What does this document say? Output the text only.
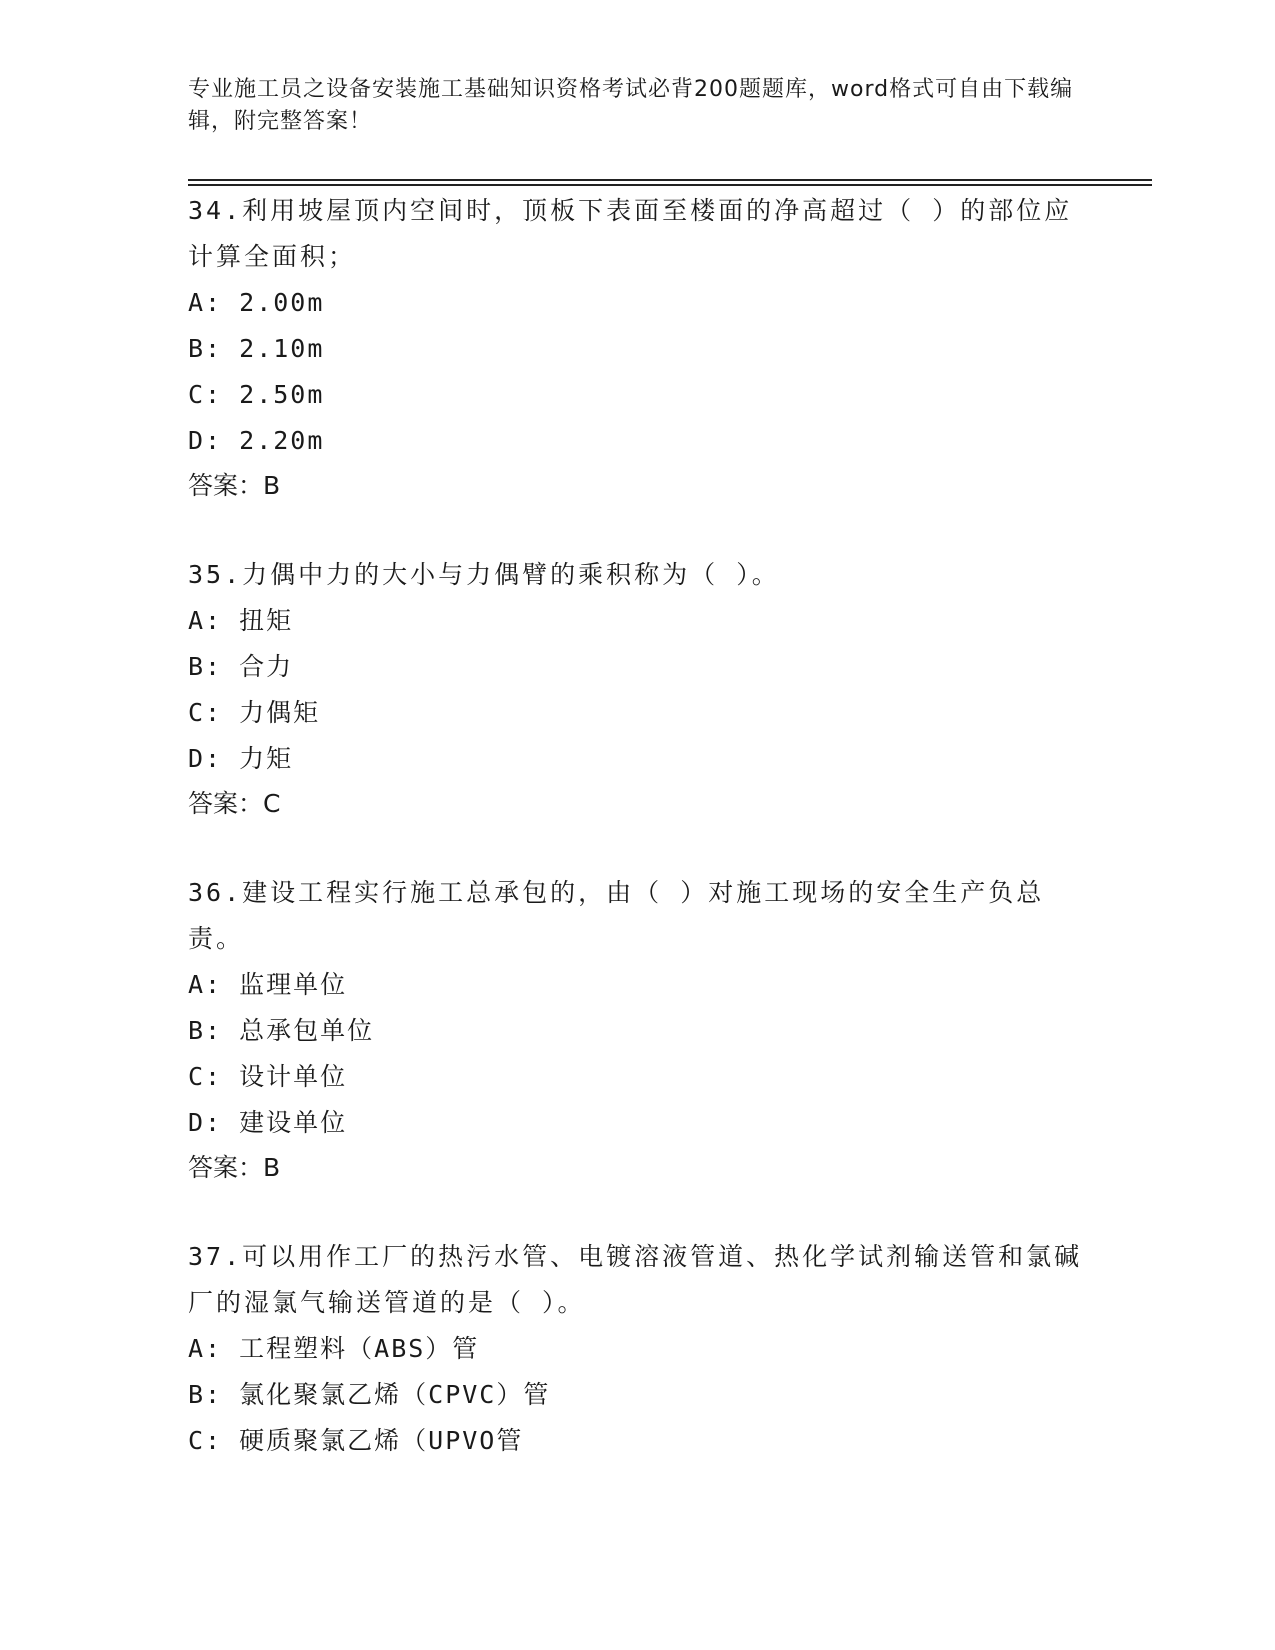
专业施工员之设备安装施工基础知识资格考试必背200题题库，word格式可自由下载编辑，附完整答案！
34.利用坡屋顶内空间时，顶板下表面至楼面的净高超过（ ）的部位应计算全面积；
A: 2.00m
B: 2.10m
C: 2.50m
D: 2.20m
答案：B
35.力偶中力的大小与力偶臂的乘积称为（ ）。
A: 扭矩
B: 合力
C: 力偶矩
D: 力矩
答案：C
36.建设工程实行施工总承包的，由（ ）对施工现场的安全生产负总责。
A: 监理单位
B: 总承包单位
C: 设计单位
D: 建设单位
答案：B
37.可以用作工厂的热污水管、电镀溶液管道、热化学试剂输送管和氯碱厂的湿氯气输送管道的是（ ）。
A: 工程塑料（ABS）管
B: 氯化聚氯乙烯（CPVC）管
C: 硬质聚氯乙烯（UPVO管
